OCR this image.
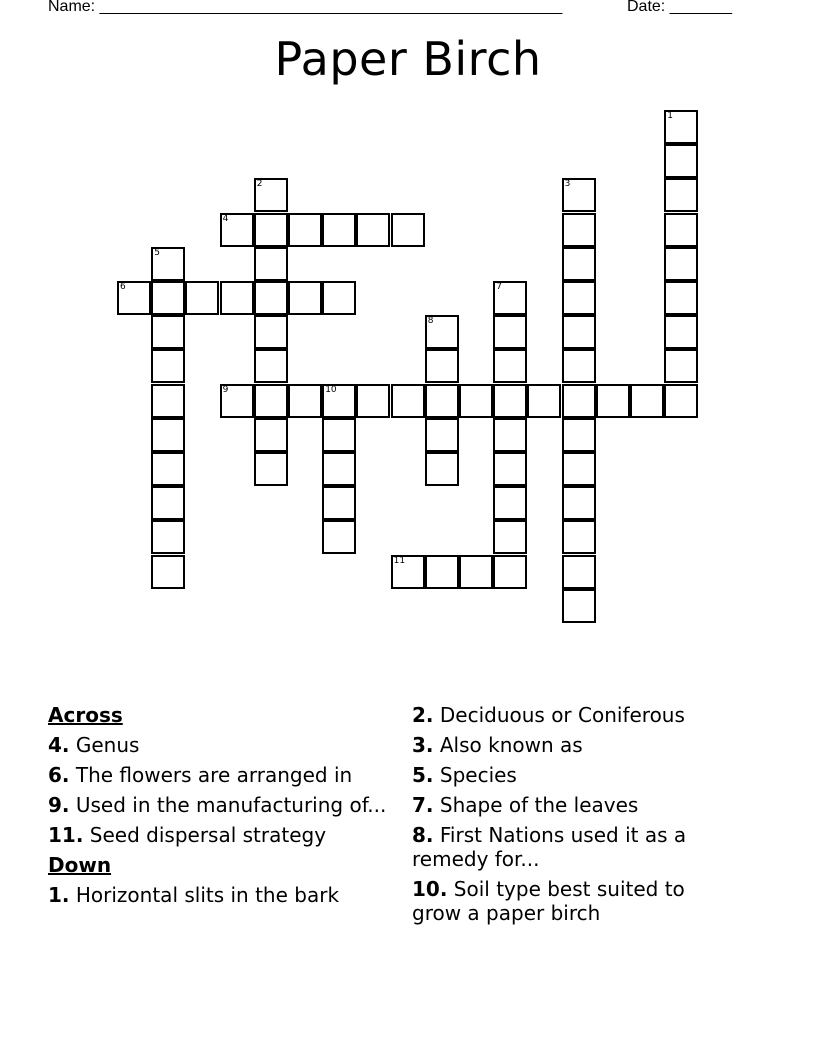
Name: ____________________________________________________	Date: _______
Paper Birch
1
2	3
4
5
6	7
8
9	10
11
Across
4. Genus
6. The flowers are arranged in
9. Used in the manufacturing of...
11. Seed dispersal strategy
Down
1. Horizontal slits in the bark
2. Deciduous or Coniferous
3. Also known as
5. Species
7. Shape of the leaves
8. First Nations used it as a remedy for...
10. Soil type best suited to grow a paper birch
